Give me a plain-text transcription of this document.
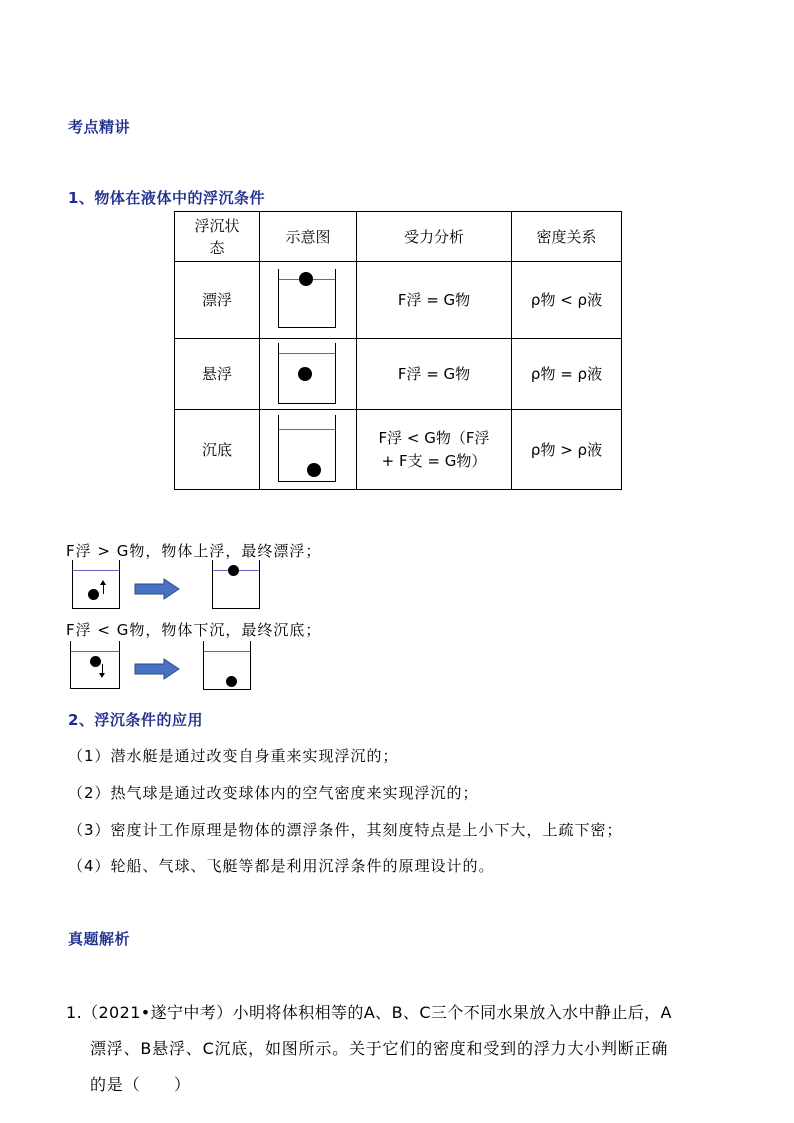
考点精讲
1、物体在液体中的浮沉条件
浮沉状态	示意图	受力分析	密度关系
漂浮		F浮 = G物	ρ物 < ρ液

悬浮		F浮 = G物	ρ物 = ρ液

沉底		F浮 < G物（F浮 + F支 = G物）	ρ物 > ρ液
F浮 > G物，物体上浮，最终漂浮；
F浮 < G物，物体下沉，最终沉底；
2、浮沉条件的应用
（1）潜水艇是通过改变自身重来实现浮沉的；
（2）热气球是通过改变球体内的空气密度来实现浮沉的；
（3）密度计工作原理是物体的漂浮条件，其刻度特点是上小下大，上疏下密；
（4）轮船、气球、飞艇等都是利用沉浮条件的原理设计的。
真题解析
1.（2021•遂宁中考）小明将体积相等的A、B、C三个不同水果放入水中静止后，A
漂浮、B悬浮、C沉底，如图所示。关于它们的密度和受到的浮力大小判断正确
的是（　　）
